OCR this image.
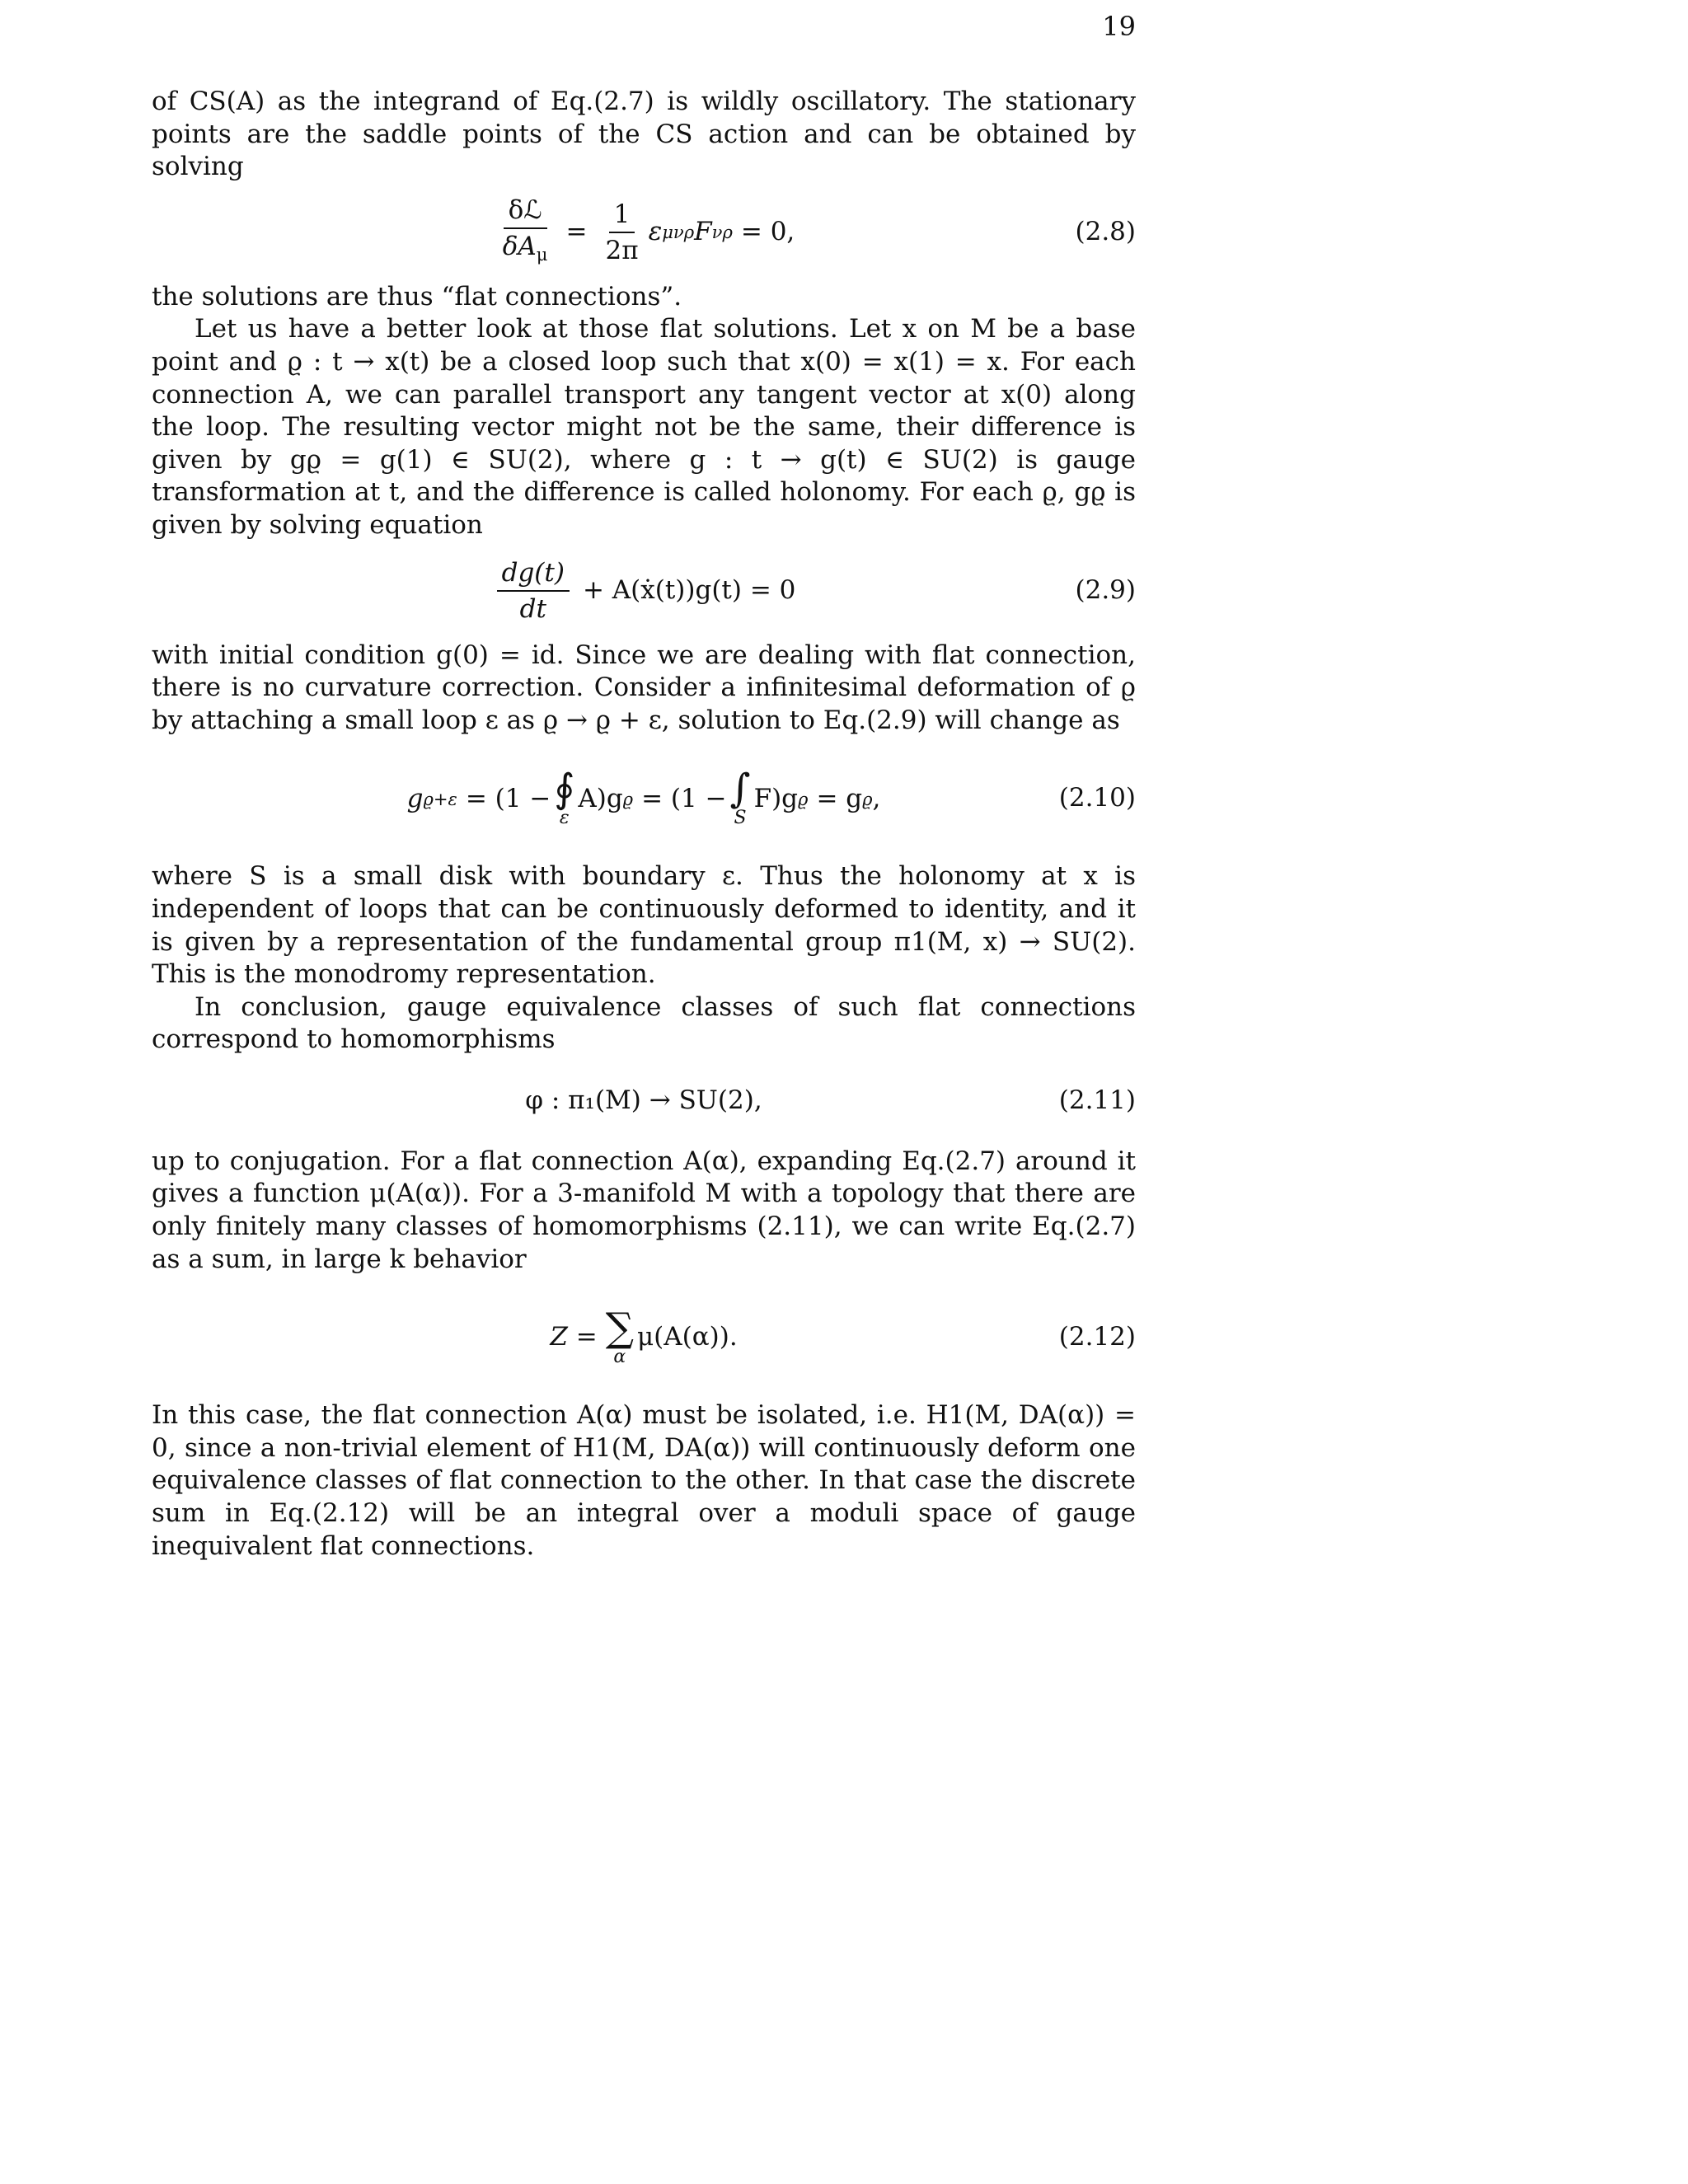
19

of CS(A) as the integrand of Eq.(2.7) is wildly oscillatory. The stationary points are the saddle points of the CS action and can be obtained by solving

$\frac{\text{δℒ}}{\delta A_\mu} = \frac{1}{2\pi}$ ε μνρ F νρ = 0,	(2.8)

the solutions are thus “flat connections”.

Let us have a better look at those flat solutions. Let x on M be a base point and ϱ : t → x(t) be a closed loop such that x(0) = x(1) = x. For each connection A, we can parallel transport any tangent vector at x(0) along the loop. The resulting vector might not be the same, their difference is given by gϱ = g(1) ∈ SU(2), where g : t → g(t) ∈ SU(2) is gauge transformation at t, and the difference is called holonomy. For each ϱ, gϱ is given by solving equation

$\frac{dg(t)}{dt}$ + A(ẋ(t))g(t) = 0	(2.9)

with initial condition g(0) = id. Since we are dealing with flat connection, there is no curvature correction. Consider a infinitesimal deformation of ϱ by attaching a small loop ε as ϱ → ϱ + ε, solution to Eq.(2.9) will change as

g ϱ+ε = (1 − ∮
ε
A)g ϱ = (1 − ∫
S
F)g ϱ = g ϱ ,	(2.10)

where S is a small disk with boundary ε. Thus the holonomy at x is independent of loops that can be continuously deformed to identity, and it is given by a representation of the fundamental group π1(M, x) → SU(2). This is the monodromy representation.

In conclusion, gauge equivalence classes of such flat connections correspond to homomorphisms

φ : π₁(M) → SU(2),	(2.11)

up to conjugation. For a flat connection A(α), expanding Eq.(2.7) around it gives a function μ(A(α)). For a 3-manifold M with a topology that there are only finitely many classes of homomorphisms (2.11), we can write Eq.(2.7) as a sum, in large k behavior

Z = ∑
α
μ(A(α)).	(2.12)

In this case, the flat connection A(α) must be isolated, i.e. H1(M, DA(α)) = 0, since a non-trivial element of H1(M, DA(α)) will continuously deform one equivalence classes of flat connection to the other. In that case the discrete sum in Eq.(2.12) will be an integral over a moduli space of gauge inequivalent flat connections.
